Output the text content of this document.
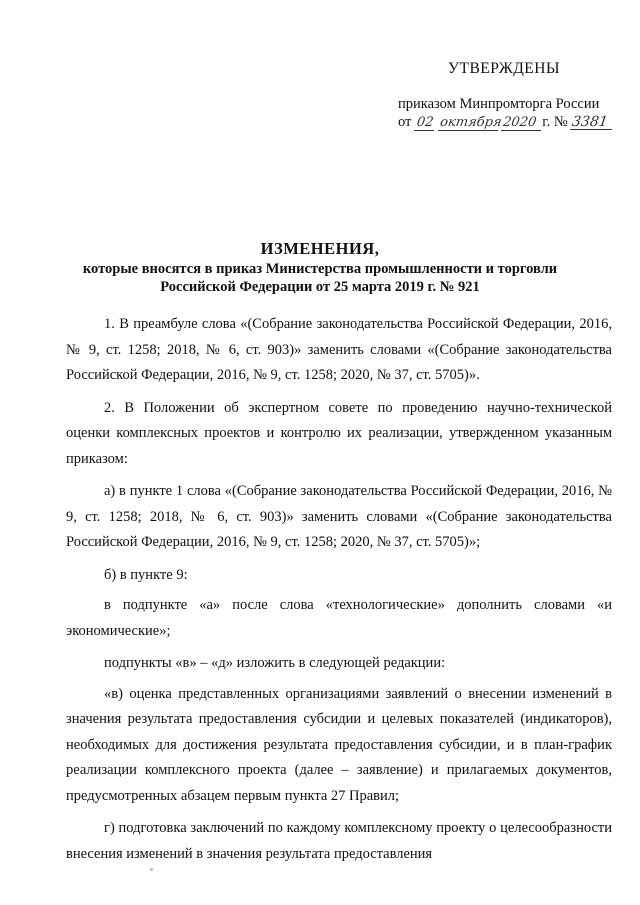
УТВЕРЖДЕНЫ
приказом Минпромторга России
от 02 октября 2020 г. № 3381
ИЗМЕНЕНИЯ,
которые вносятся в приказ Министерства промышленности и торговли
Российской Федерации от 25 марта 2019 г. № 921

1. В преамбуле слова «(Собрание законодательства Российской Федерации, 2016, № 9, ст. 1258; 2018, № 6, ст. 903)» заменить словами «(Собрание законодательства Российской Федерации, 2016, № 9, ст. 1258; 2020, № 37, ст. 5705)».

2. В Положении об экспертном совете по проведению научно-технической оценки комплексных проектов и контролю их реализации, утвержденном указанным приказом:

а) в пункте 1 слова «(Собрание законодательства Российской Федерации, 2016, № 9, ст. 1258; 2018, № 6, ст. 903)» заменить словами «(Собрание законодательства Российской Федерации, 2016, № 9, ст. 1258; 2020, № 37, ст. 5705)»;

б) в пункте 9:

в подпункте «а» после слова «технологические» дополнить словами «и экономические»;

подпункты «в» – «д» изложить в следующей редакции:

«в) оценка представленных организациями заявлений о внесении изменений в значения результата предоставления субсидии и целевых показателей (индикаторов), необходимых для достижения результата предоставления субсидии, и в план-график реализации комплексного проекта (далее – заявление) и прилагаемых документов, предусмотренных абзацем первым пункта 27 Правил;

г) подготовка заключений по каждому комплексному проекту о целесообразности внесения изменений в значения результата предоставления
